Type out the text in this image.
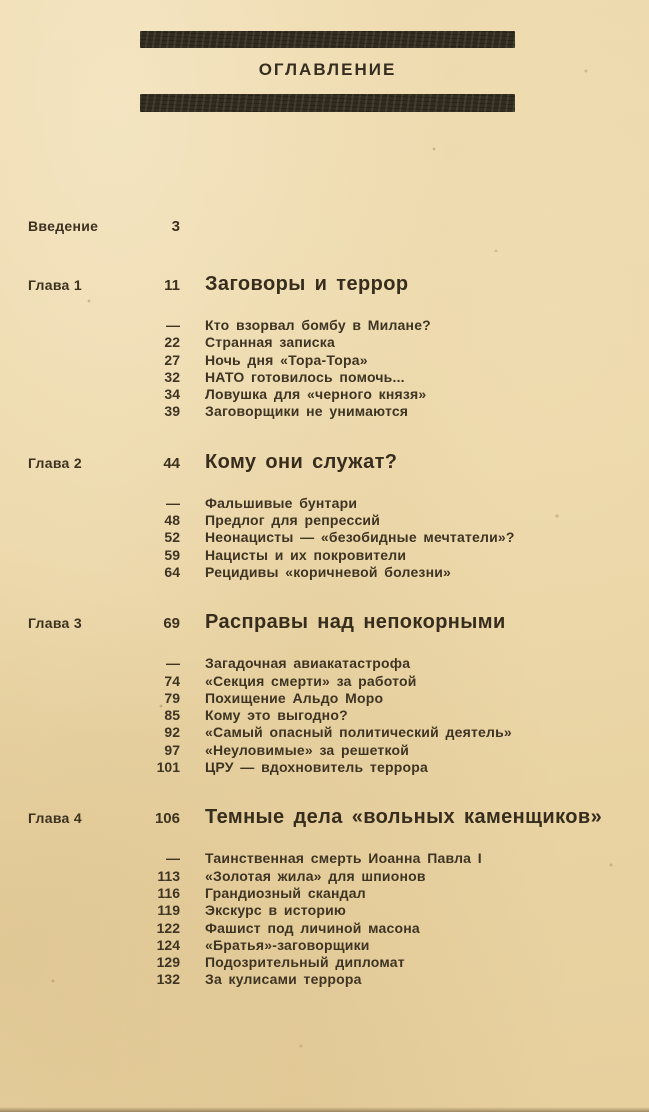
ОГЛАВЛЕНИЕ
Введение	3
Глава 1	11	Заговоры и террор
—	Кто взорвал бомбу в Милане?
22	Странная записка
27	Ночь дня «Тора-Тора»
32	НАТО готовилось помочь...
34	Ловушка для «черного князя»
39	Заговорщики не унимаются
Глава 2	44	Кому они служат?
—	Фальшивые бунтари
48	Предлог для репрессий
52	Неонацисты — «безобидные мечтатели»?
59	Нацисты и их покровители
64	Рецидивы «коричневой болезни»
Глава 3	69	Расправы над непокорными
—	Загадочная авиакатастрофа
74	«Секция смерти» за работой
79	Похищение Альдо Моро
85	Кому это выгодно?
92	«Самый опасный политический деятель»
97	«Неуловимые» за решеткой
101	ЦРУ — вдохновитель террора
Глава 4	106	Темные дела «вольных каменщиков»
—	Таинственная смерть Иоанна Павла I
113	«Золотая жила» для шпионов
116	Грандиозный скандал
119	Экскурс в историю
122	Фашист под личиной масона
124	«Братья»-заговорщики
129	Подозрительный дипломат
132	За кулисами террора
